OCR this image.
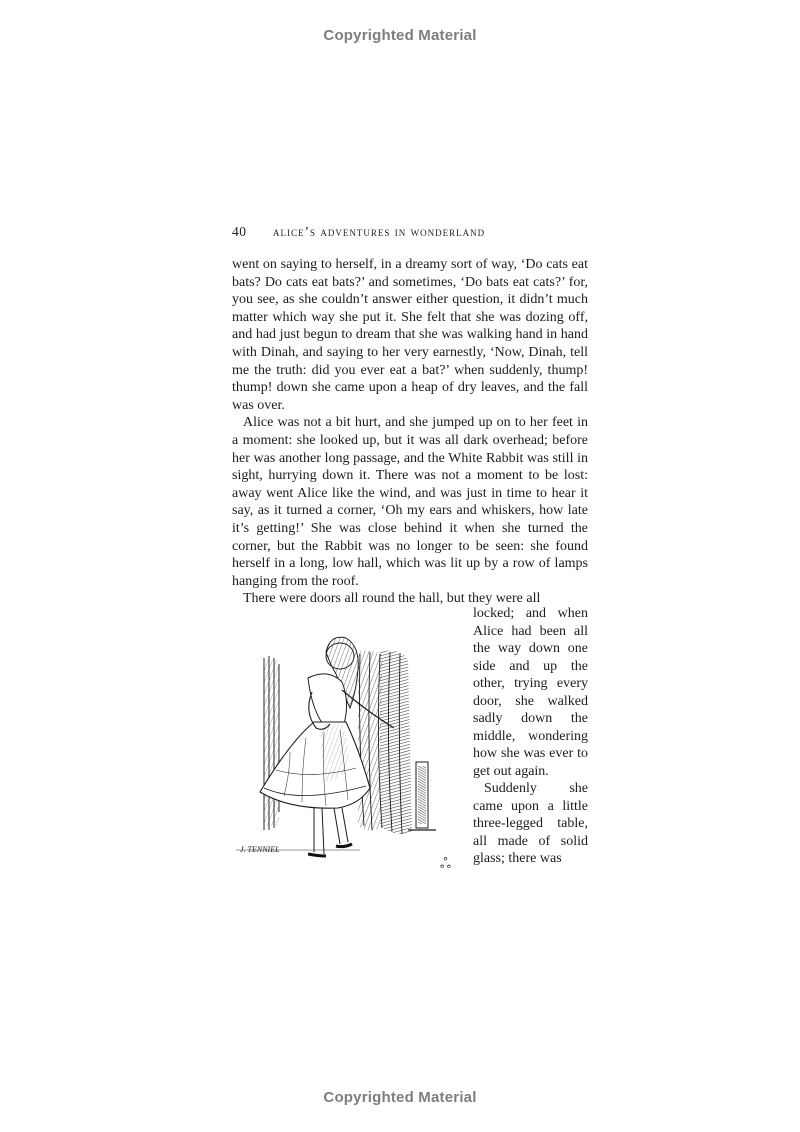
Copyrighted Material
40 alice’s adventures in wonderland

went on saying to herself, in a dreamy sort of way, ‘Do cats eat bats? Do cats eat bats?’ and sometimes, ‘Do bats eat cats?’ for, you see, as she couldn’t answer either question, it didn’t much matter which way she put it. She felt that she was dozing off, and had just begun to dream that she was walking hand in hand with Dinah, and saying to her very earnestly, ‘Now, Dinah, tell me the truth: did you ever eat a bat?’ when suddenly, thump! thump! down she came upon a heap of dry leaves, and the fall was over.

Alice was not a bit hurt, and she jumped up on to her feet in a moment: she looked up, but it was all dark overhead; before her was another long passage, and the White Rabbit was still in sight, hurrying down it. There was not a moment to be lost: away went Alice like the wind, and was just in time to hear it say, as it turned a corner, ‘Oh my ears and whiskers, how late it’s getting!’ She was close behind it when she turned the corner, but the Rabbit was no longer to be seen: she found herself in a long, low hall, which was lit up by a row of lamps hanging from the roof.

There were doors all round the hall, but they were all

J. TENNIEL
ஃ

locked; and when Alice had been all the way down one side and up the other, trying every door, she walked sadly down the middle, wondering how she was ever to get out again.

Suddenly she came upon a little three-legged table, all made of solid glass; there was

Copyrighted Material
